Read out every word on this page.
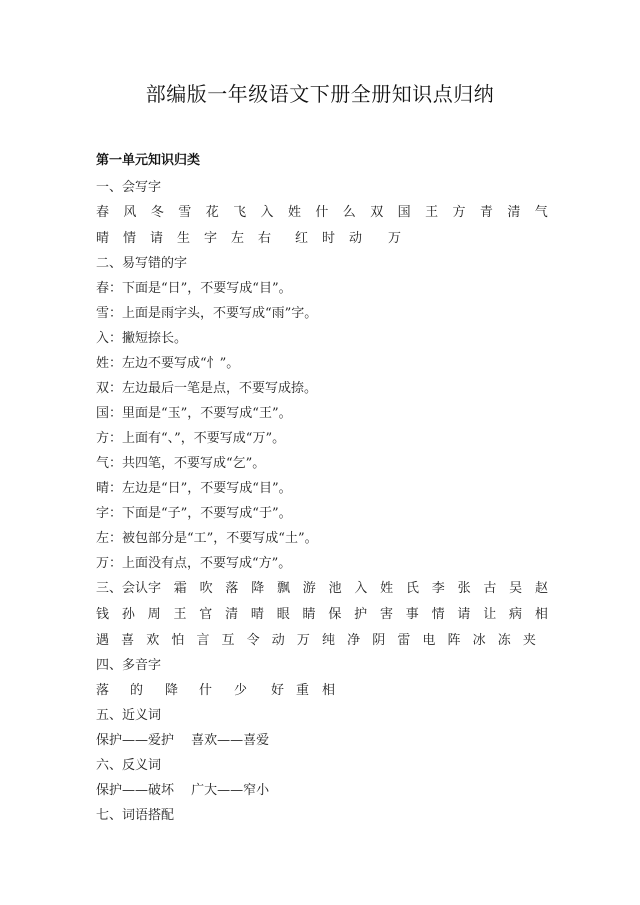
部编版一年级语文下册全册知识点归纳
第一单元知识归类
一、会写字
春 风 冬 雪 花 飞 入 姓 什 么 双 国 王 方 青 清 气
晴	情	请	生	字	左	右	红	时	动	万
二、易写错的字
春：下面是“日”，不要写成“目”。
雪：上面是雨字头，不要写成“雨”字。
入：撇短捺长。
姓：左边不要写成“忄”。
双：左边最后一笔是点，不要写成捺。
国：里面是“玉”，不要写成“王”。
方：上面有“、”，不要写成“万”。
气：共四笔，不要写成“乞”。
晴：左边是“日”，不要写成“目”。
字：下面是“子”，不要写成“于”。
左：被包部分是“工”，不要写成“土”。
万：上面没有点，不要写成“方”。
三、会认字 霜 吹 落 降 飘 游 池 入 姓 氏 李 张 古 吴 赵
钱 孙 周 王 官 清 晴 眼 睛 保 护 害 事 情 请 让 病 相
遇 喜 欢 怕 言 互 令 动 万 纯 净 阴 雷 电 阵 冰 冻 夹
四、多音字
落	的	降	什	少	好 重 相
五、近义词
保护——爱护　 喜欢——喜爱
六、反义词
保护——破坏　 广大——窄小
七、词语搭配
